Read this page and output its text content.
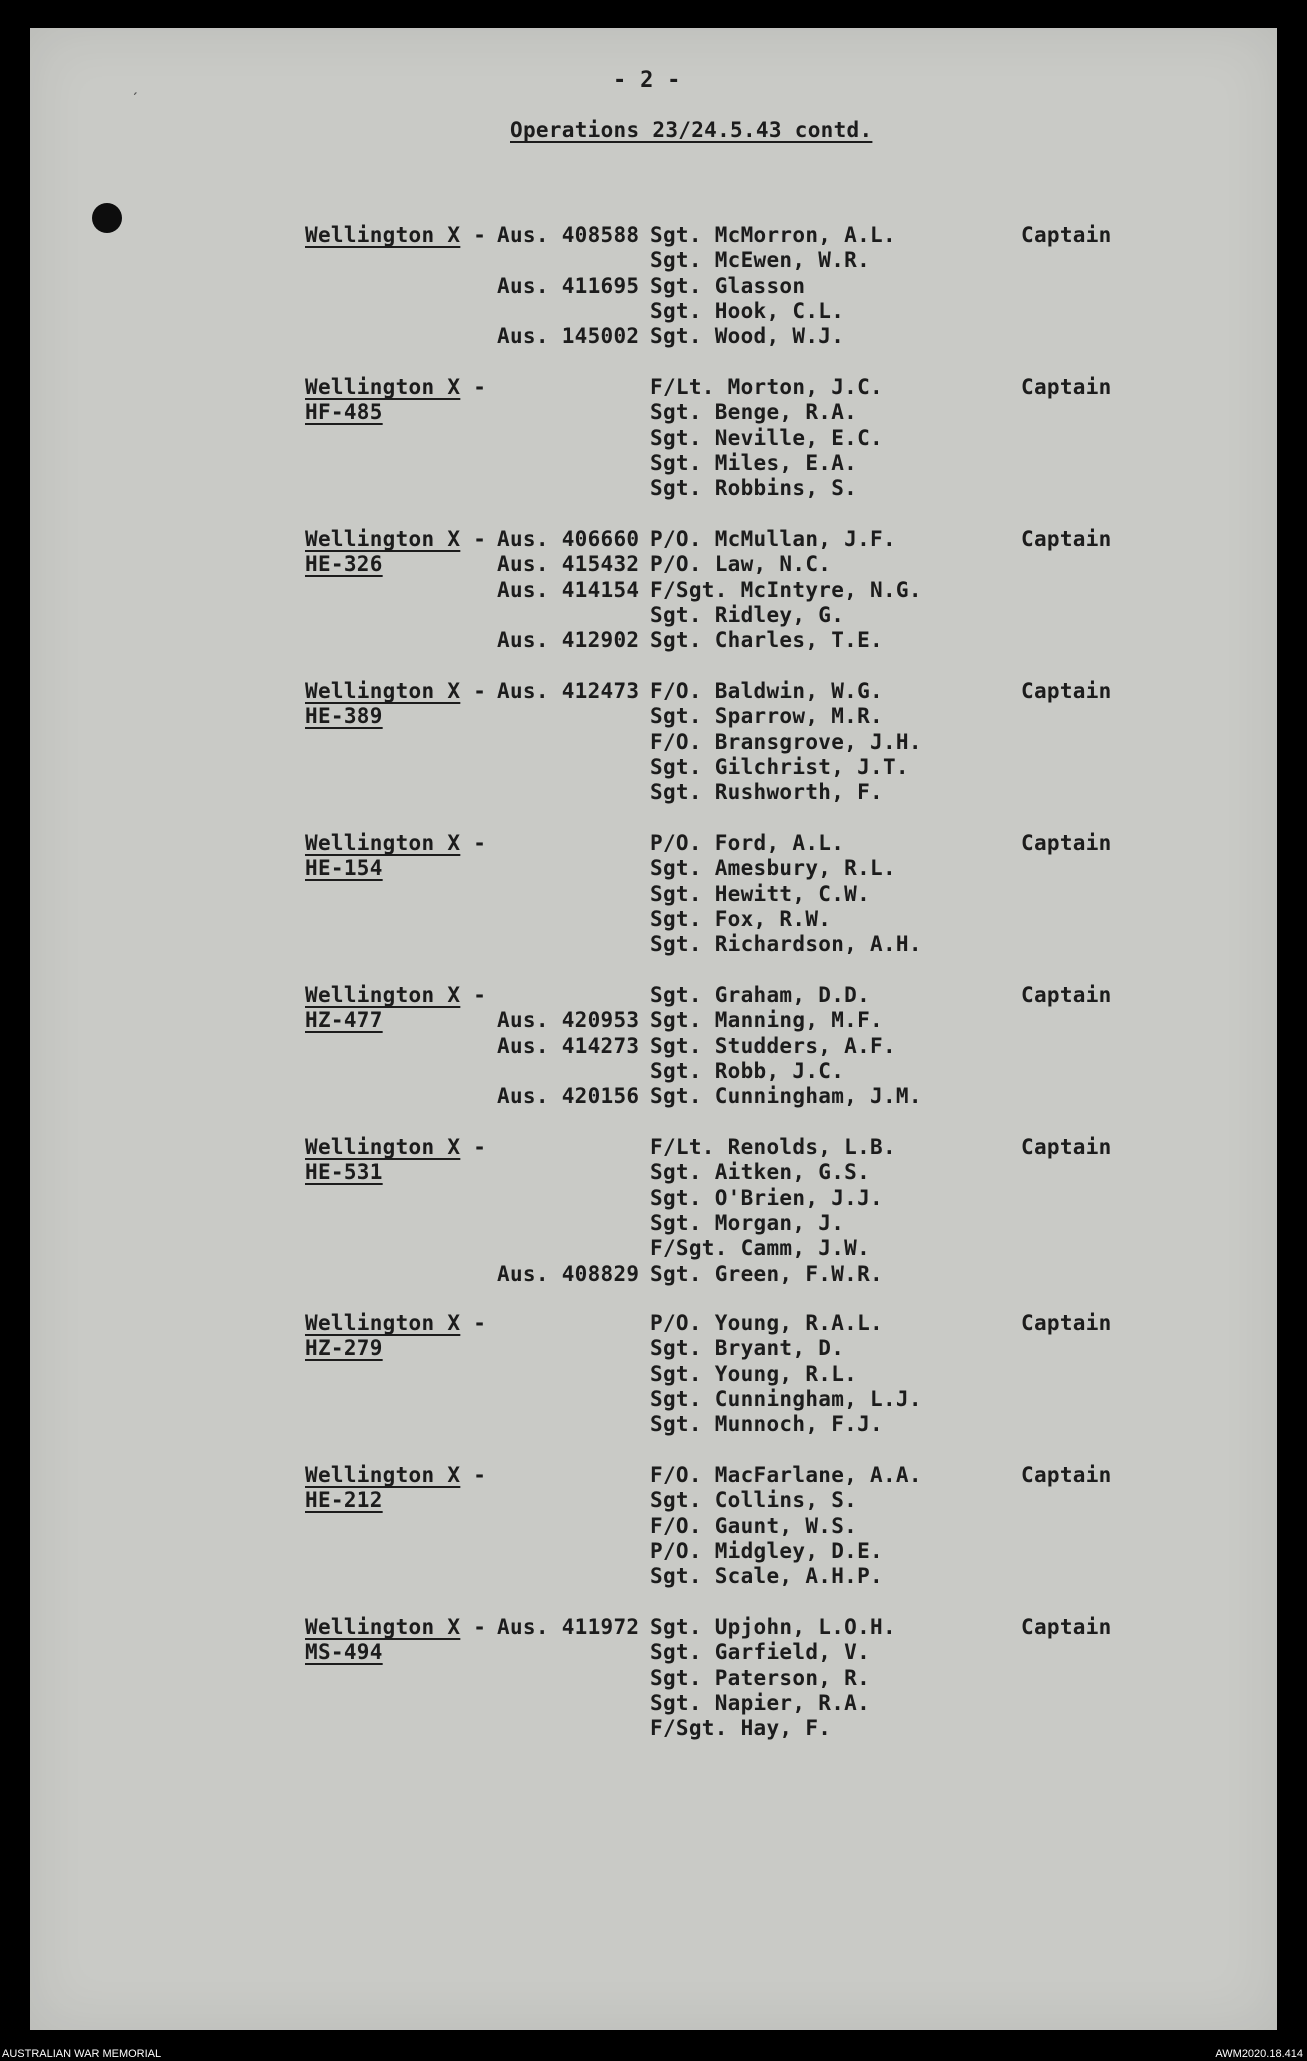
ˊ
- 2 -
Operations 23/24.5.43 contd.
Wellington X - Aus. 408588 Sgt. McMorron, A.L.
Sgt. McEwen, W.R.
Aus. 411695 Sgt. Glasson
Sgt. Hook, C.L.
Aus. 145002 Sgt. Wood, W.J.
Captain
Wellington X -
HF-485
F/Lt. Morton, J.C.
Sgt. Benge, R.A.
Sgt. Neville, E.C.
Sgt. Miles, E.A.
Sgt. Robbins, S.
Captain
Wellington X -
HE-326
Aus. 406660 P/O. McMullan, J.F.
Aus. 415432 P/O. Law, N.C.
Aus. 414154 F/Sgt. McIntyre, N.G.
Sgt. Ridley, G.
Aus. 412902 Sgt. Charles, T.E.
Captain
Wellington X -
HE-389
Aus. 412473 F/O. Baldwin, W.G.
Sgt. Sparrow, M.R.
F/O. Bransgrove, J.H.
Sgt. Gilchrist, J.T.
Sgt. Rushworth, F.
Captain
Wellington X -
HE-154
P/O. Ford, A.L.
Sgt. Amesbury, R.L.
Sgt. Hewitt, C.W.
Sgt. Fox, R.W.
Sgt. Richardson, A.H.
Captain
Wellington X -
HZ-477
Sgt. Graham, D.D.
Aus. 420953 Sgt. Manning, M.F.
Aus. 414273 Sgt. Studders, A.F.
Sgt. Robb, J.C.
Aus. 420156 Sgt. Cunningham, J.M.
Captain
Wellington X -
HE-531
F/Lt. Renolds, L.B.
Sgt. Aitken, G.S.
Sgt. O'Brien, J.J.
Sgt. Morgan, J.
F/Sgt. Camm, J.W.
Aus. 408829 Sgt. Green, F.W.R.
Captain
Wellington X -
HZ-279
P/O. Young, R.A.L.
Sgt. Bryant, D.
Sgt. Young, R.L.
Sgt. Cunningham, L.J.
Sgt. Munnoch, F.J.
Captain
Wellington X -
HE-212
F/O. MacFarlane, A.A.
Sgt. Collins, S.
F/O. Gaunt, W.S.
P/O. Midgley, D.E.
Sgt. Scale, A.H.P.
Captain
Wellington X -
MS-494
Aus. 411972 Sgt. Upjohn, L.O.H.
Sgt. Garfield, V.
Sgt. Paterson, R.
Sgt. Napier, R.A.
F/Sgt. Hay, F.
Captain
AUSTRALIAN WAR MEMORIAL	AWM2020.18.414
